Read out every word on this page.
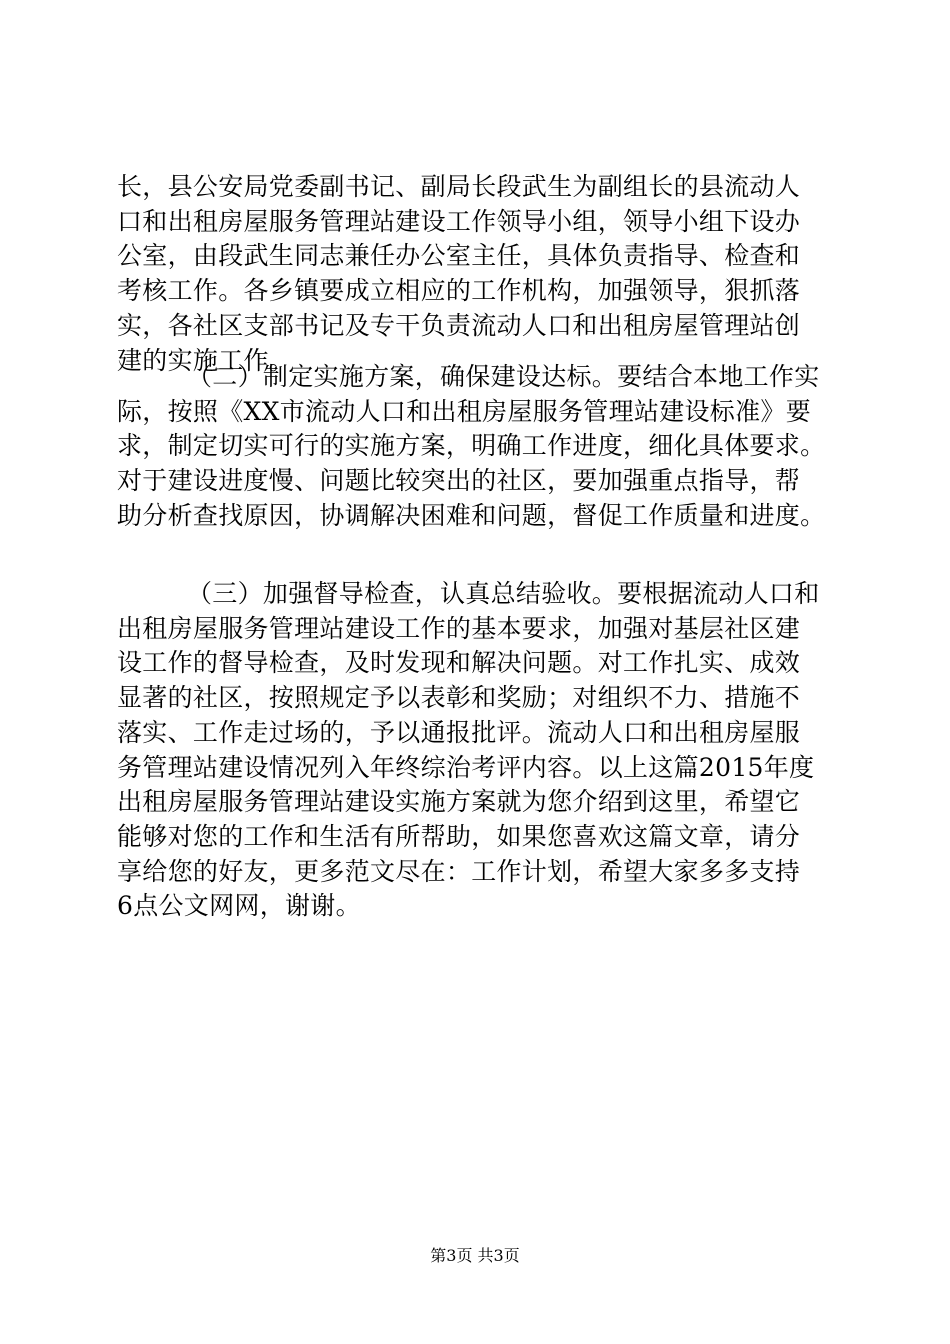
长，县公安局党委副书记、副局长段武生为副组长的县流动人
口和出租房屋服务管理站建设工作领导小组，领导小组下设办
公室，由段武生同志兼任办公室主任，具体负责指导、检查和
考核工作。各乡镇要成立相应的工作机构，加强领导，狠抓落
实，各社区支部书记及专干负责流动人口和出租房屋管理站创
建的实施工作。
（二）制定实施方案，确保建设达标。要结合本地工作实
际，按照《XX市流动人口和出租房屋服务管理站建设标准》要
求，制定切实可行的实施方案，明确工作进度，细化具体要求。
对于建设进度慢、问题比较突出的社区，要加强重点指导，帮
助分析查找原因，协调解决困难和问题，督促工作质量和进度。
（三）加强督导检查，认真总结验收。要根据流动人口和
出租房屋服务管理站建设工作的基本要求，加强对基层社区建
设工作的督导检查，及时发现和解决问题。对工作扎实、成效
显著的社区，按照规定予以表彰和奖励；对组织不力、措施不
落实、工作走过场的，予以通报批评。流动人口和出租房屋服
务管理站建设情况列入年终综治考评内容。以上这篇2015年度
出租房屋服务管理站建设实施方案就为您介绍到这里，希望它
能够对您的工作和生活有所帮助，如果您喜欢这篇文章，请分
享给您的好友，更多范文尽在：工作计划，希望大家多多支持
6点公文网网，谢谢。
第3页 共3页
